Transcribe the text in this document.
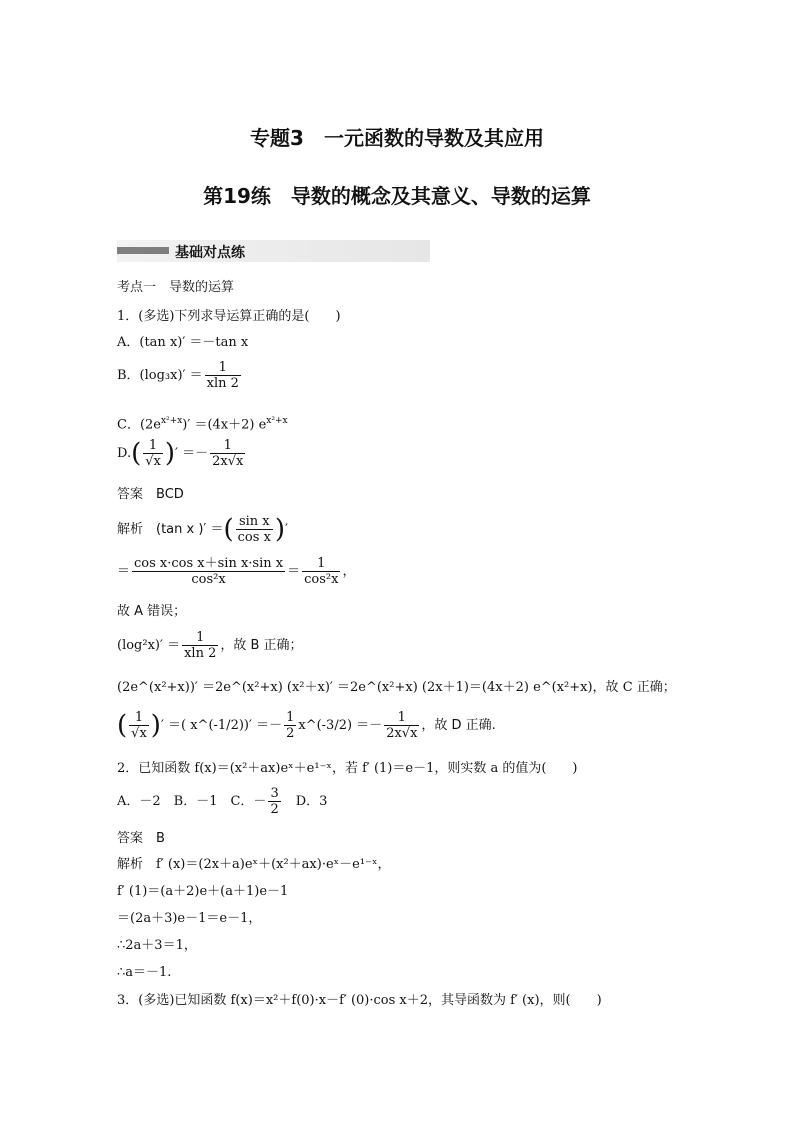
专题3　一元函数的导数及其应用
第19练　导数的概念及其意义、导数的运算
基础对点练
考点一　导数的运算
1．(多选)下列求导运算正确的是(　　)
A．(tan x)′ ＝－tan x
B．$(\log_3x)' = \frac{1}{xln 2}$
C．$(2e^{x^2+x})' =(4x+2)$ $e^{x^2+x}$
$D.( \frac{1}{√x}$ )′ ＝－ $\frac{1}{2x√x}$
答案　BCD
解析　(tan x )′ ＝( $\frac{\text{sin x}}{\text{cos x}}$ )′
＝ $\frac{\text{cos x·cos x＋sin x·sin x}}{\text{cos²x}} = \frac{1}{\text{cos²x}}$ ，
故 A 错误；
$(\log^2x)' = \frac{1}{xln 2}$ ，故 B 正确；
(2e^(x²+x))′ ＝2e^(x²+x) (x²＋x)′ ＝2e^(x²+x) (2x＋1)＝(4x＋2) e^(x²+x)，故 C 正确；
( $\frac{1}{√x}$ )′ ＝( x^(-1/2))′ ＝－ $\frac{1}{2}$ x^(-3/2) ＝－ $\frac{1}{2x√x}$ ，故 D 正确.
2．已知函数 f(x)＝(x²＋ax)eˣ＋e¹⁻ˣ，若 f′ (1)＝e－1，则实数 a 的值为(　　)
A．－2　B．－1　C．－ $\frac{3}{2}$
　 D．3
答案　B
解析　f′ (x)＝(2x＋a)eˣ＋(x²＋ax)·eˣ－e¹⁻ˣ，
f′ (1)＝(a＋2)e＋(a＋1)e－1
＝(2a＋3)e－1＝e－1，
∴2a＋3＝1，
∴a＝－1.
3．(多选)已知函数 f(x)＝x²＋f(0)·x－f′ (0)·cos x＋2，其导函数为 f′ (x)，则(　　)
